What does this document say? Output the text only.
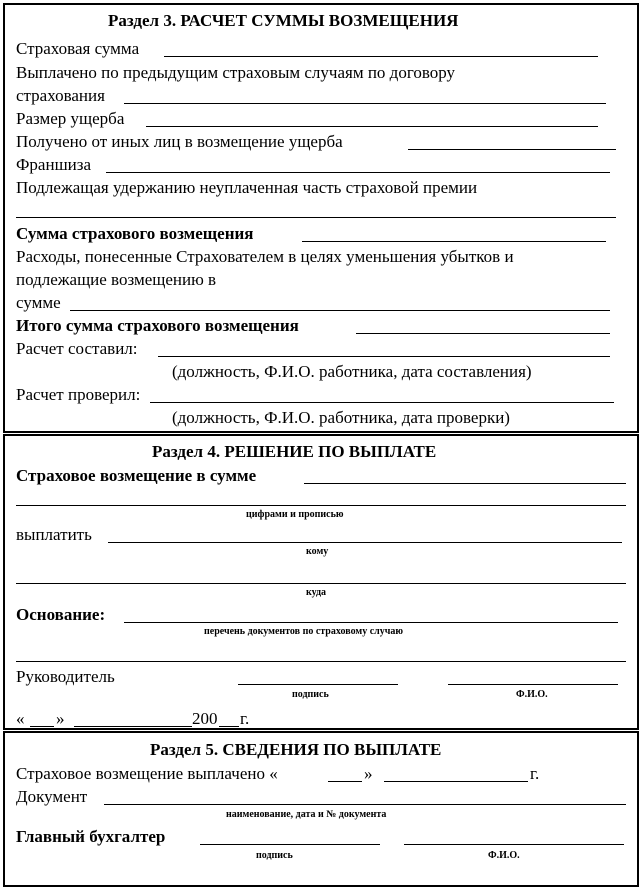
Раздел 3. РАСЧЕТ СУММЫ ВОЗМЕЩЕНИЯ
Страховая сумма
Выплачено по предыдущим страховым случаям по договору
страхования
Размер ущерба
Получено от иных лиц в возмещение ущерба
Франшиза
Подлежащая удержанию неуплаченная часть страховой премии
Сумма страхового возмещения
Расходы, понесенные Страхователем в целях уменьшения убытков и
подлежащие возмещению в
сумме
Итого сумма страхового возмещения
Расчет составил:
(должность, Ф.И.О. работника, дата составления)
Расчет проверил:
(должность, Ф.И.О. работника, дата проверки)
Раздел 4. РЕШЕНИЕ ПО ВЫПЛАТЕ
Страховое возмещение в сумме
цифрами и прописью
выплатить
кому
куда
Основание:
перечень документов по страховому случаю
Руководитель
подпись	Ф.И.О.
« »	200 г.
Раздел 5. СВЕДЕНИЯ ПО ВЫПЛАТЕ
Страховое возмещение выплачено «	»	г.
Документ
наименование, дата и № документа
Главный бухгалтер
подпись	Ф.И.О.
